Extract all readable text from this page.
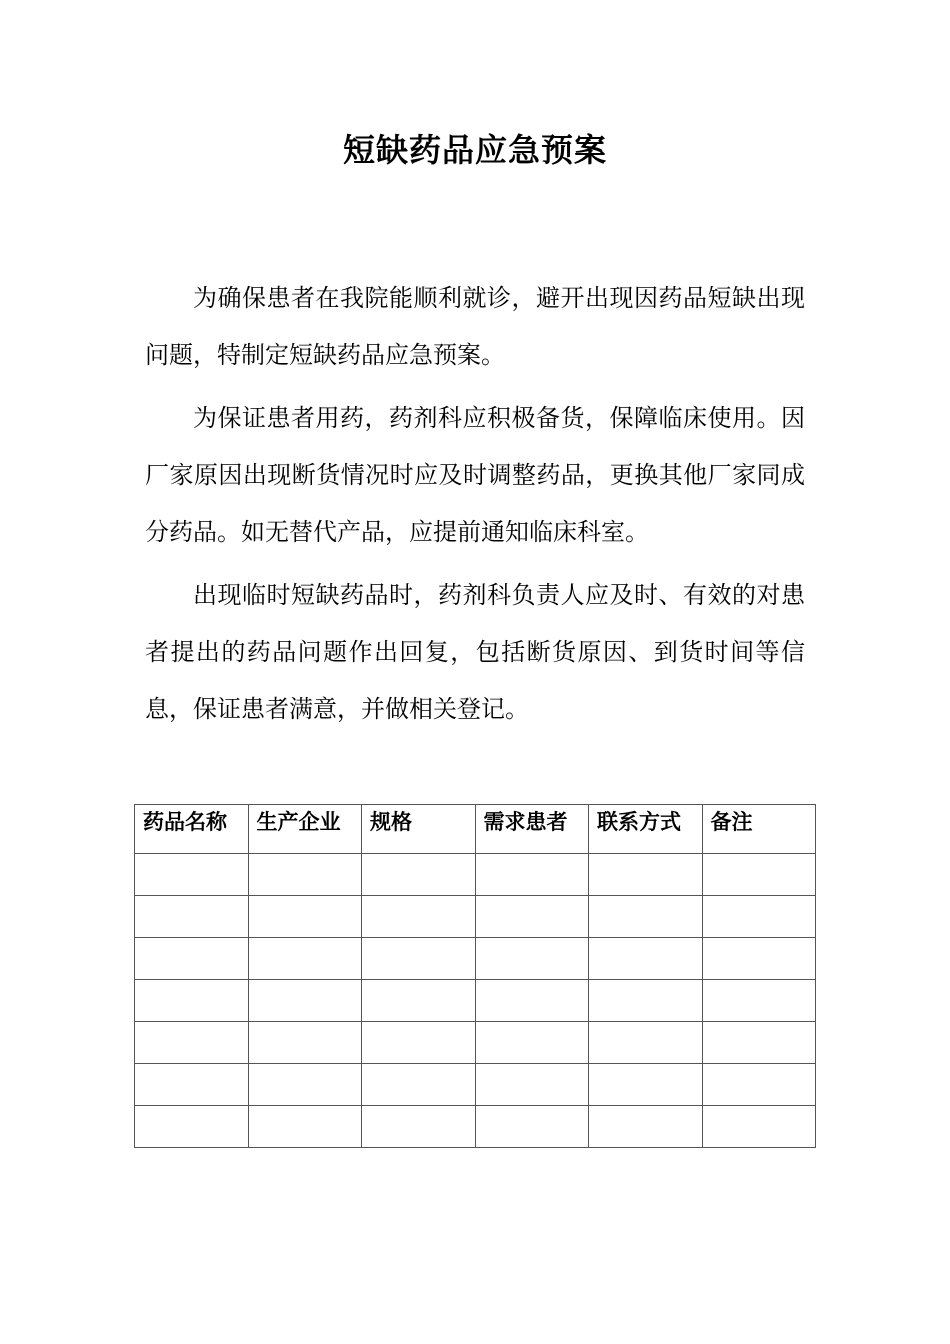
短缺药品应急预案

为确保患者在我院能顺利就诊，避开出现因药品短缺出现问题，特制定短缺药品应急预案。

为保证患者用药，药剂科应积极备货，保障临床使用。因厂家原因出现断货情况时应及时调整药品，更换其他厂家同成分药品。如无替代产品，应提前通知临床科室。

出现临时短缺药品时，药剂科负责人应及时、有效的对患者提出的药品问题作出回复，包括断货原因、到货时间等信息，保证患者满意，并做相关登记。

药品名称	生产企业	规格	需求患者	联系方式	备注
